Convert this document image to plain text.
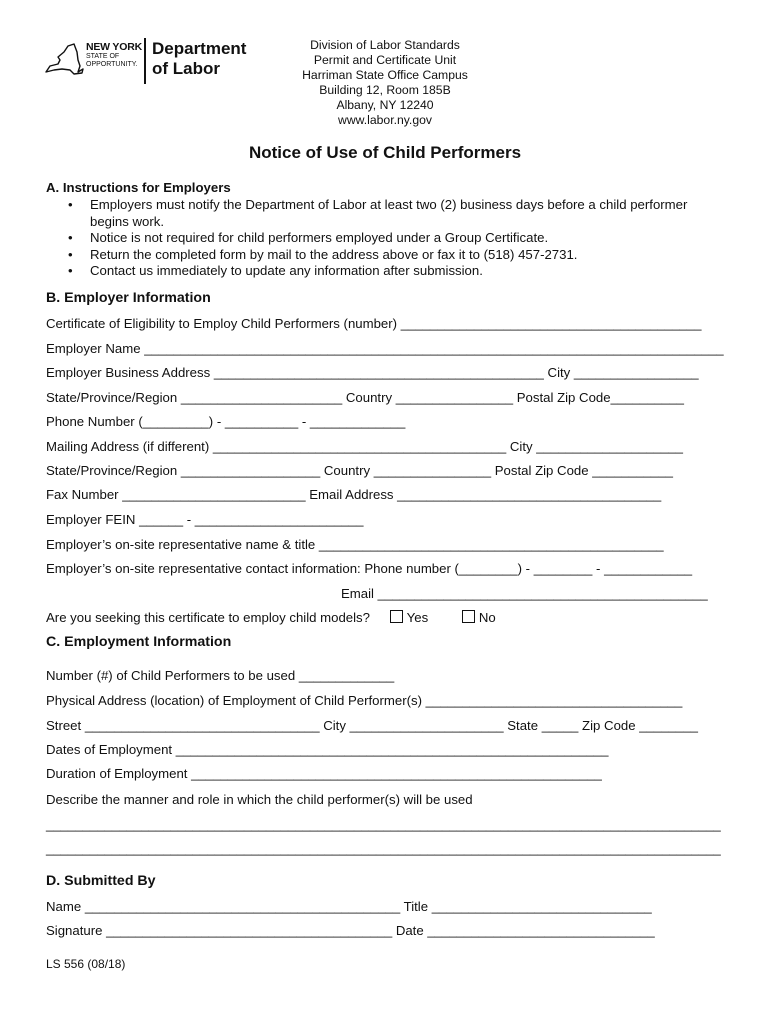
NEW YORK
STATE OF OPPORTUNITY.
Department
of Labor
Division of Labor Standards
Permit and Certificate Unit
Harriman State Office Campus
Building 12, Room 185B
Albany, NY 12240
www.labor.ny.gov
Notice of Use of Child Performers
A. Instructions for Employers
• Employers must notify the Department of Labor at least two (2) business days before a child performer begins work.
• Notice is not required for child performers employed under a Group Certificate.
• Return the completed form by mail to the address above or fax it to (518) 457-2731.
• Contact us immediately to update any information after submission.
B. Employer Information
Certificate of Eligibility to Employ Child Performers (number) _________________________________________
Employer Name _______________________________________________________________________________
Employer Business Address _____________________________________________ City _________________
State/Province/Region ______________________ Country ________________ Postal Zip Code__________
Phone Number (_________) - __________ - _____________
Mailing Address (if different) ________________________________________ City ____________________
State/Province/Region ___________________ Country ________________ Postal Zip Code ___________
Fax Number _________________________ Email Address ____________________________________
Employer FEIN ______ - _______________________
Employer’s on-site representative name & title _______________________________________________
Employer’s on-site representative contact information: Phone number (________) - ________ - ____________
Email _____________________________________________
Are you seeking this certificate to employ child models?	Yes	No
C. Employment Information
Number (#) of Child Performers to be used _____________
Physical Address (location) of Employment of Child Performer(s) ___________________________________
Street ________________________________ City _____________________ State _____ Zip Code ________
Dates of Employment ___________________________________________________________
Duration of Employment ________________________________________________________
Describe the manner and role in which the child performer(s) will be used
____________________________________________________________________________________________
____________________________________________________________________________________________
D. Submitted By
Name ___________________________________________ Title ______________________________
Signature _______________________________________ Date _______________________________
LS 556 (08/18)
